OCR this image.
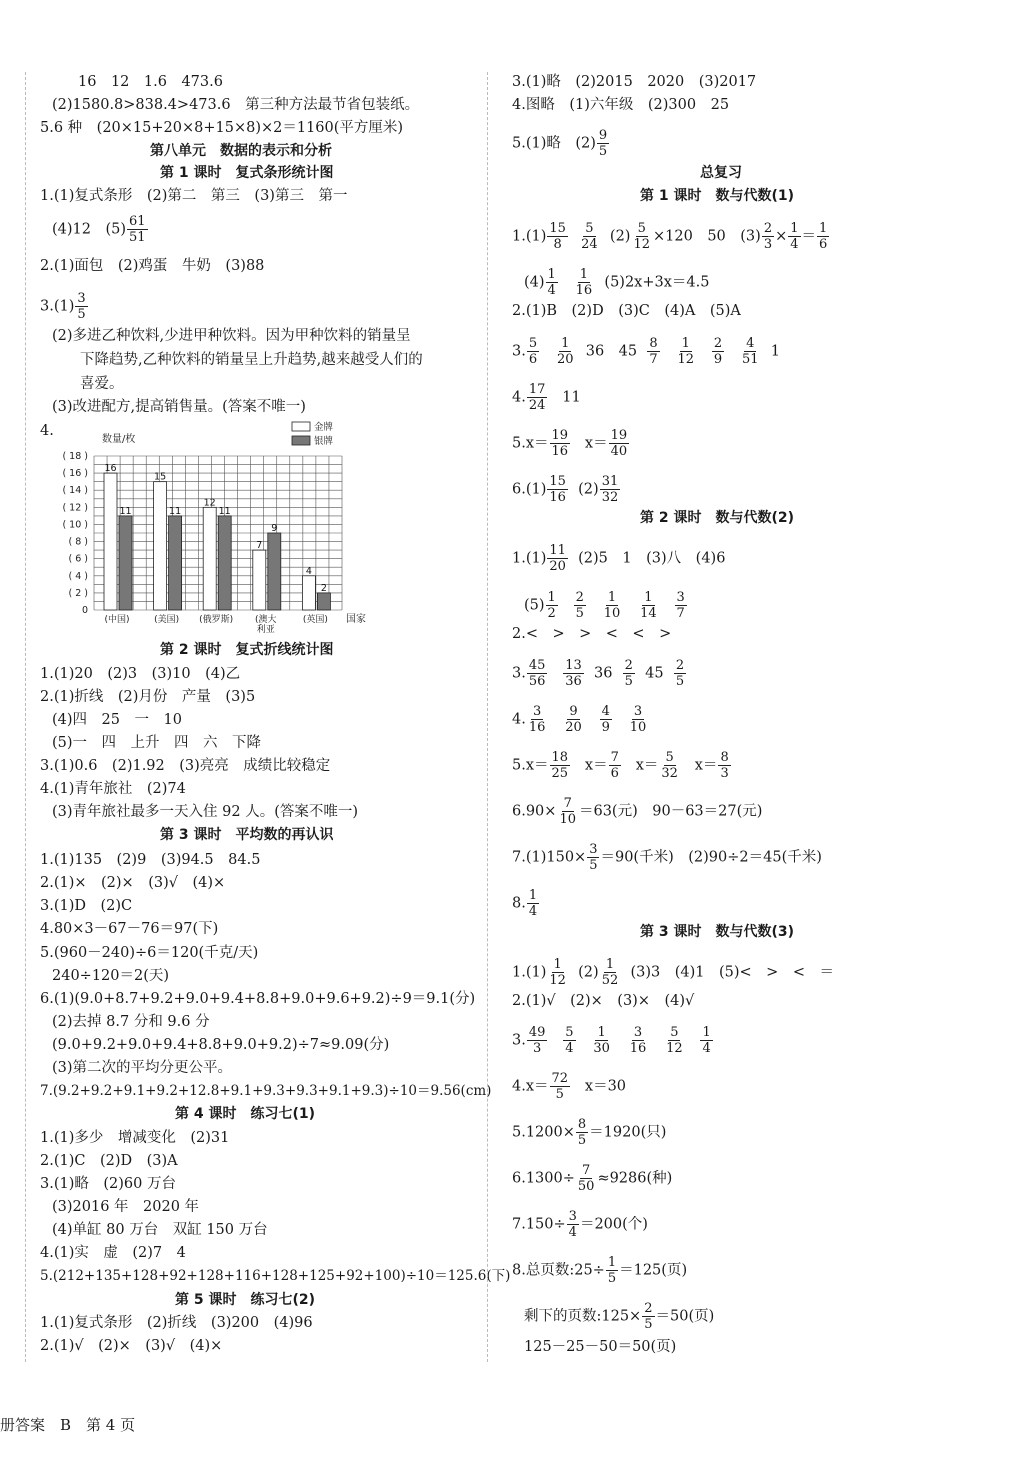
16　12　1.6　473.6
(2)1580.8>838.4>473.6　第三种方法最节省包装纸。
5.6 种　(20×15+20×8+15×8)×2＝1160(平方厘米)
第八单元　数据的表示和分析
第 1 课时　复式条形统计图
1.(1)复式条形　(2)第二　第三　(3)第三　第一
(4)12　$(5) \frac{61}{51}$
2.(1)面包　(2)鸡蛋　牛奶　(3)88
$3.(1) \frac{3}{5}$
(2)多进乙种饮料,少进甲种饮料。因为甲种饮料的销量呈
下降趋势,乙种饮料的销量呈上升趋势,越来越受人们的
喜爱。
(3)改进配方,提高销售量。(答案不唯一)
4.
数量/枚
( 18 )
( 16 )
( 14 )
( 12 )
( 10 )
( 8 )
( 6 )
( 4 )
( 2 )
0
16
11
(中国)
15
11
(美国)
12
11
(俄罗斯)
7
9
(澳大
利亚
4
2
(英国) 国家
金牌
银牌
第 2 课时　复式折线统计图
1.(1)20　(2)3　(3)10　(4)乙
2.(1)折线　(2)月份　产量　(3)5
(4)四　25　一　10
(5)一　四　上升　四　六　下降
3.(1)0.6　(2)1.92　(3)亮亮　成绩比较稳定
4.(1)青年旅社　(2)74
(3)青年旅社最多一天入住 92 人。(答案不唯一)
第 3 课时　平均数的再认识
1.(1)135　(2)9　(3)94.5　84.5
2.(1)×　(2)×　(3)√　(4)×
3.(1)D　(2)C
4.80×3－67－76＝97(下)
5.(960－240)÷6＝120(千克/天)
240÷120＝2(天)
6.(1)(9.0+8.7+9.2+9.0+9.4+8.8+9.0+9.6+9.2)÷9＝9.1(分)
(2)去掉 8.7 分和 9.6 分
(9.0+9.2+9.0+9.4+8.8+9.0+9.2)÷7≈9.09(分)
(3)第二次的平均分更公平。
7.(9.2+9.2+9.1+9.2+12.8+9.1+9.3+9.3+9.1+9.3)÷10＝9.56(cm)
第 4 课时　练习七(1)
1.(1)多少　增减变化　(2)31
2.(1)C　(2)D　(3)A
3.(1)略　(2)60 万台
(3)2016 年　2020 年
(4)单缸 80 万台　双缸 150 万台
4.(1)实　虚　(2)7　4
5.(212+135+128+92+128+116+128+125+92+100)÷10＝125.6(下)
第 5 课时　练习七(2)
1.(1)复式条形　(2)折线　(3)200　(4)96
2.(1)√　(2)×　(3)√　(4)×
3.(1)略　(2)2015　2020　(3)2017
4.图略　(1)六年级　(2)300　25
5.(1)略　$(2) \frac{9}{5}$
总复习
第 1 课时　数与代数(1)
$1.(1) \frac{15}{8}$
$\frac{5}{24} (2) \frac{5}{12} \times 120$　50　$(3) \frac{2}{3} \times \frac{1}{4} = \frac{1}{6}$
$(4) \frac{1}{4}$
$\frac{1}{16} (5)2x+3x=4.5$
2.(1)B　(2)D　(3)C　(4)A　(5)A
3. $\frac{5}{6}$
$\frac{1}{20} 36$　$45 \frac{8}{7}$
$\frac{1}{12}$
$\frac{2}{9}$
$\frac{4}{51} 1$
4. $\frac{17}{24} 11$
$5.x= \frac{19}{16} x= \frac{19}{40}$
$6.(1) \frac{15}{16} (2) \frac{31}{32}$
第 2 课时　数与代数(2)
$1.(1) \frac{11}{20} (2)5$　1　(3)八　(4)6
$(5) \frac{1}{2}$
$\frac{2}{5}$
$\frac{1}{10}$
$\frac{1}{14}$
$\frac{3}{7}$
2.<　>　>　<　<　>
3. $\frac{45}{56}$
$\frac{13}{36} 36 \frac{2}{5} 45 \frac{2}{5}$
4. $\frac{3}{16}$
$\frac{9}{20}$
$\frac{4}{9}$
$\frac{3}{10}$
$5.x= \frac{18}{25} x= \frac{7}{6} x= \frac{5}{32} x= \frac{8}{3}$
$6.90\times \frac{7}{10} =63$(元)　90－63＝27(元)
$7.(1)150\times \frac{3}{5} =90$(千米)　(2)90÷2＝45(千米)
8. $\frac{1}{4}$
第 3 课时　数与代数(3)
$1.(1) \frac{1}{12} (2) \frac{1}{52} (3)3$　(4)1　(5)<　>　<　＝
2.(1)√　(2)×　(3)×　(4)√
3. $\frac{49}{3}$
$\frac{5}{4}$
$\frac{1}{30}$
$\frac{3}{16}$
$\frac{5}{12}$
$\frac{1}{4}$
$4.x= \frac{72}{5} x=30$
$5.1200\times \frac{8}{5} =1920$(只)
$6.1300\div \frac{7}{50} \approx 9286$(种)
$7.150\div \frac{3}{4} =200$(个)
8.总页数:25÷ $\frac{1}{5} =125$(页)
剩下的页数:125× $\frac{2}{5} =50$(页)
125－25－50＝50(页)
册答案　B　第 4 页
